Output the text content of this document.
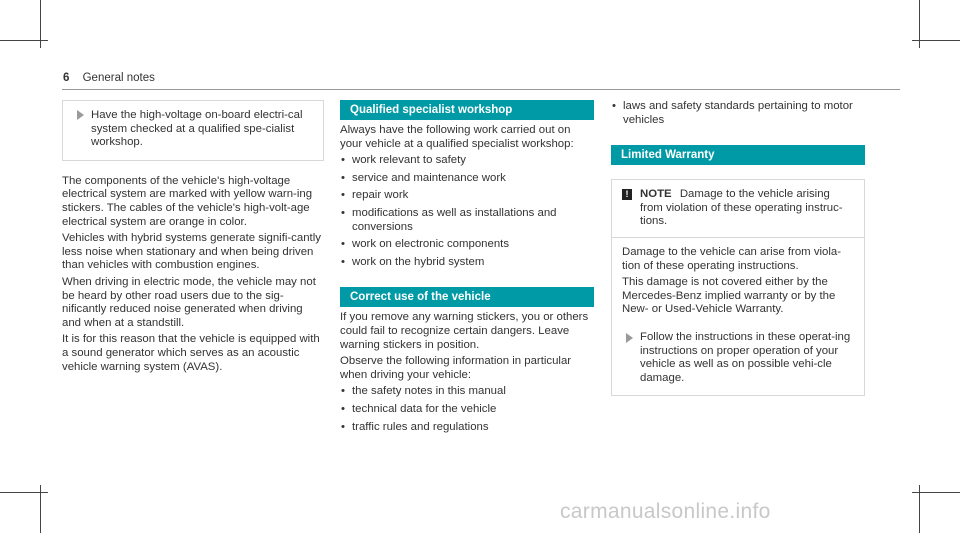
6 General notes
Have the high-voltage on-board electri-cal system checked at a qualified spe-cialist workshop.

The components of the vehicle's high-voltage electrical system are marked with yellow warn-ing stickers. The cables of the vehicle's high-volt-age electrical system are orange in color.

Vehicles with hybrid systems generate signifi-cantly less noise when stationary and when being driven than vehicles with combustion engines.

When driving in electric mode, the vehicle may not be heard by other road users due to the sig-nificantly reduced noise generated when driving and when at a standstill.

It is for this reason that the vehicle is equipped with a sound generator which serves as an acoustic vehicle warning system (AVAS).

Qualified specialist workshop

Always have the following work carried out on your vehicle at a qualified specialist workshop:

• work relevant to safety
• service and maintenance work
• repair work
• modifications as well as installations and conversions
• work on electronic components
• work on the hybrid system
Correct use of the vehicle

If you remove any warning stickers, you or others could fail to recognize certain dangers. Leave warning stickers in position.

Observe the following information in particular when driving your vehicle:

• the safety notes in this manual
• technical data for the vehicle
• traffic rules and regulations
• laws and safety standards pertaining to motor vehicles
Limited Warranty
!	NOTE Damage to the vehicle arising from violation of these operating instruc-tions.

Damage to the vehicle can arise from viola-tion of these operating instructions.

This damage is not covered either by the Mercedes-Benz implied warranty or by the New- or Used-Vehicle Warranty.

Follow the instructions in these operat-ing instructions on proper operation of your vehicle as well as on possible vehi-cle damage.
carmanualsonline.info
